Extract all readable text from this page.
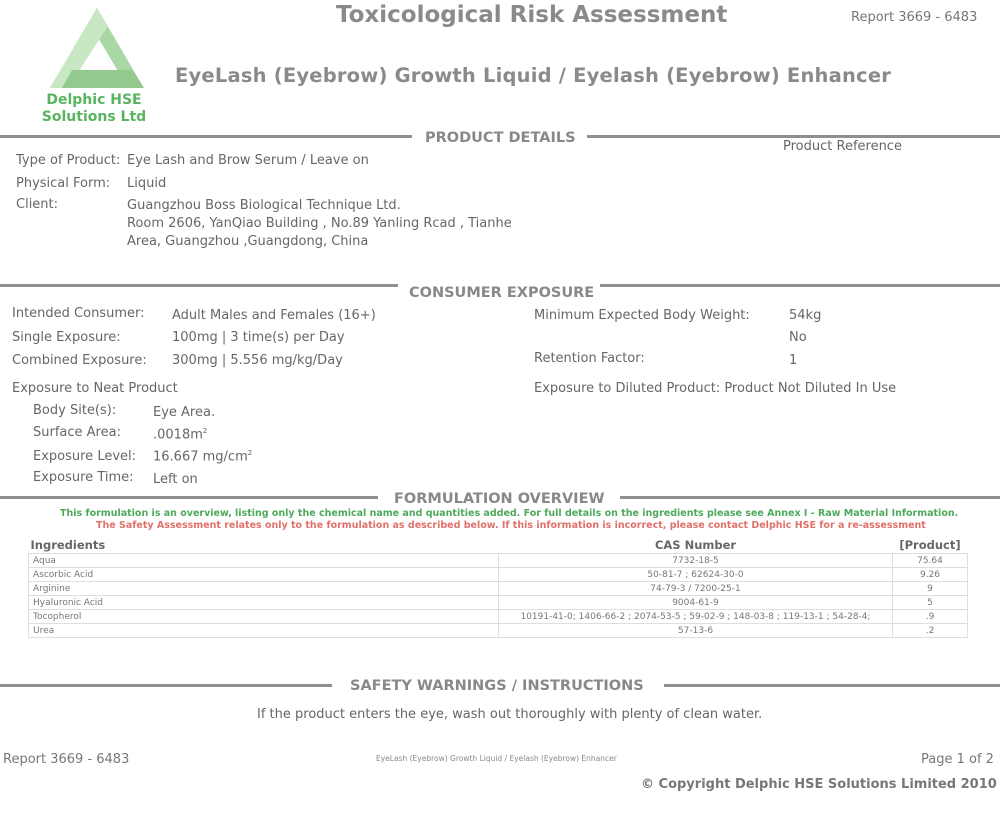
Delphic HSE
Solutions Ltd
Toxicological Risk Assessment	Report 3669 - 6483
EyeLash (Eyebrow) Growth Liquid / Eyelash (Eyebrow) Enhancer
PRODUCT DETAILS
Product Reference
Type of Product: Eye Lash and Brow Serum / Leave on
Physical Form: Liquid
Client:	Guangzhou Boss Biological Technique Ltd.
Room 2606, YanQiao Building , No.89 Yanling Rcad , Tianhe
Area, Guangzhou ,Guangdong, China
CONSUMER EXPOSURE
Intended Consumer: Adult Males and Females (16+)
Single Exposure:	100mg | 3 time(s) per Day
Combined Exposure: 300mg | 5.556 mg/kg/Day
Minimum Expected Body Weight:	54kg
No
Retention Factor:	1
Exposure to Neat Product	Exposure to Diluted Product: Product Not Diluted In Use
Body Site(s):	Eye Area.
Surface Area: $.0018m^2$
Exposure Level: 16.667 $mg/cm^2$
Exposure Time: Left on
FORMULATION OVERVIEW
This formulation is an overview, listing only the chemical name and quantities added. For full details on the ingredients please see Annex I - Raw Material Information.
The Safety Assessment relates only to the formulation as described below. If this information is incorrect, please contact Delphic HSE for a re-assessment
Ingredients	CAS Number	[Product]
Aqua	7732-18-5	75.64
Ascorbic Acid	50-81-7 ; 62624-30-0	9.26
Arginine	74-79-3 / 7200-25-1	9
Hyaluronic Acid	9004-61-9	5
Tocopherol	10191-41-0; 1406-66-2 ; 2074-53-5 ; 59-02-9 ; 148-03-8 ; 119-13-1 ; 54-28-4;	.9
Urea	57-13-6	.2
SAFETY WARNINGS / INSTRUCTIONS
If the product enters the eye, wash out thoroughly with plenty of clean water.
Report 3669 - 6483	EyeLash (Eyebrow) Growth Liquid / Eyelash (Eyebrow) Enhancer	Page 1 of 2
© Copyright Delphic HSE Solutions Limited 2010
